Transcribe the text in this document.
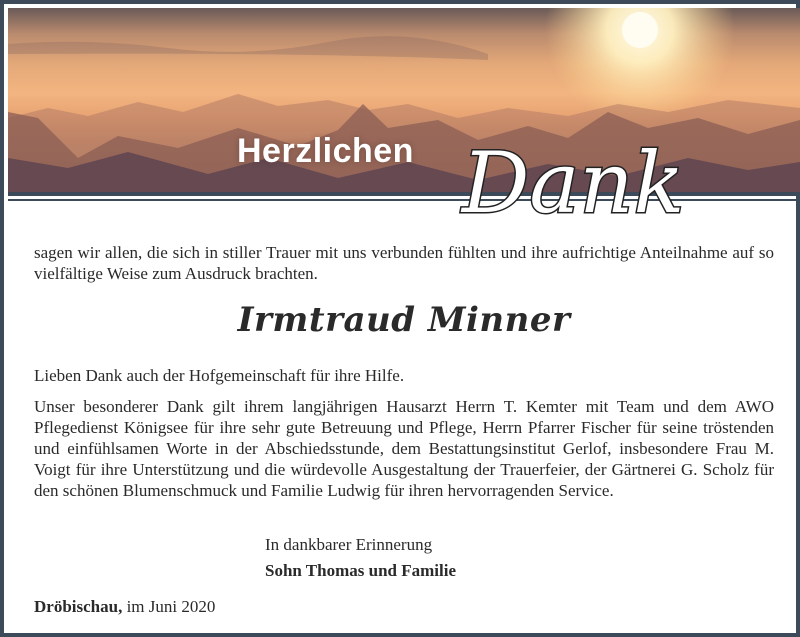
Herzlichen Dank
sagen wir allen, die sich in stiller Trauer mit uns verbunden fühlten und ihre aufrichtige Anteilnahme auf so vielfältige Weise zum Ausdruck brachten.
Irmtraud Minner
Lieben Dank auch der Hofgemeinschaft für ihre Hilfe.
Unser besonderer Dank gilt ihrem langjährigen Hausarzt Herrn T. Kemter mit Team und dem AWO Pflegedienst Königsee für ihre sehr gute Betreuung und Pflege, Herrn Pfarrer Fischer für seine tröstenden und einfühlsamen Worte in der Abschiedsstunde, dem Bestattungsinstitut Gerlof, insbesondere Frau M. Voigt für ihre Unterstützung und die würdevolle Ausgestaltung der Trauerfeier, der Gärtnerei G. Scholz für den schönen Blumenschmuck und Familie Ludwig für ihren hervorragenden Service.
In dankbarer Erinnerung
Sohn Thomas und Familie
Dröbischau, im Juni 2020
